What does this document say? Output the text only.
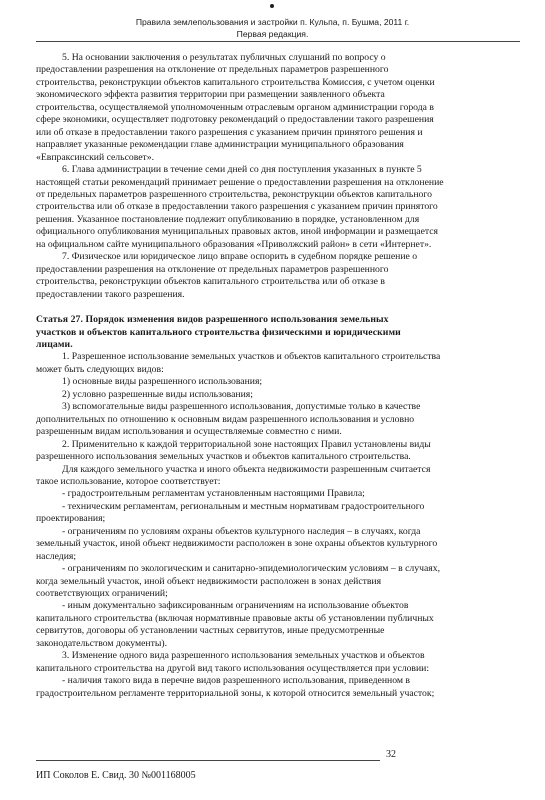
Правила землепользования и застройки п. Кульпа, п. Бушма, 2011 г.
Первая редакция.

5. На основании заключения о результатах публичных слушаний по вопросу о
предоставлении разрешения на отклонение от предельных параметров разрешенного
строительства, реконструкции объектов капитального строительства Комиссия, с учетом оценки
экономического эффекта развития территории при размещении заявленного объекта
строительства, осуществляемой уполномоченным отраслевым органом администрации города в
сфере экономики, осуществляет подготовку рекомендаций о предоставлении такого разрешения
или об отказе в предоставлении такого разрешения с указанием причин принятого решения и
направляет указанные рекомендации главе администрации муниципального образования
«Евпраксинский сельсовет».

6. Глава администрации в течение семи дней со дня поступления указанных в пункте 5
настоящей статьи рекомендаций принимает решение о предоставлении разрешения на отклонение
от предельных параметров разрешенного строительства, реконструкции объектов капитального
строительства или об отказе в предоставлении такого разрешения с указанием причин принятого
решения. Указанное постановление подлежит опубликованию в порядке, установленном для
официального опубликования муниципальных правовых актов, иной информации и размещается
на официальном сайте муниципального образования «Приволжский район» в сети «Интернет».

7. Физическое или юридическое лицо вправе оспорить в судебном порядке решение о
предоставлении разрешения на отклонение от предельных параметров разрешенного
строительства, реконструкции объектов капитального строительства или об отказе в
предоставлении такого разрешения.

Статья 27. Порядок изменения видов разрешенного использования земельных
участков и объектов капитального строительства физическими и юридическими
лицами.

1. Разрешенное использование земельных участков и объектов капитального строительства
может быть следующих видов:

1) основные виды разрешенного использования;

2) условно разрешенные виды использования;

3) вспомогательные виды разрешенного использования, допустимые только в качестве
дополнительных по отношению к основным видам разрешенного использования и условно
разрешенным видам использования и осуществляемые совместно с ними.

2. Применительно к каждой территориальной зоне настоящих Правил установлены виды
разрешенного использования земельных участков и объектов капитального строительства.

Для каждого земельного участка и иного объекта недвижимости разрешенным считается
такое использование, которое соответствует:

- градостроительным регламентам установленным настоящими Правила;

- техническим регламентам, региональным и местным нормативам градостроительного
проектирования;

- ограничениям по условиям охраны объектов культурного наследия – в случаях, когда
земельный участок, иной объект недвижимости расположен в зоне охраны объектов культурного
наследия;

- ограничениям по экологическим и санитарно-эпидемиологическим условиям – в случаях,
когда земельный участок, иной объект недвижимости расположен в зонах действия
соответствующих ограничений;

- иным документально зафиксированным ограничениям на использование объектов
капитального строительства (включая нормативные правовые акты об установлении публичных
сервитутов, договоры об установлении частных сервитутов, иные предусмотренные
законодательством документы).

3. Изменение одного вида разрешенного использования земельных участков и объектов
капитального строительства на другой вид такого использования осуществляется при условии:

- наличия такого вида в перечне видов разрешенного использования, приведенном в
градостроительном регламенте территориальной зоны, к которой относится земельный участок;

32
ИП Соколов Е. Свид. 30 №001168005
